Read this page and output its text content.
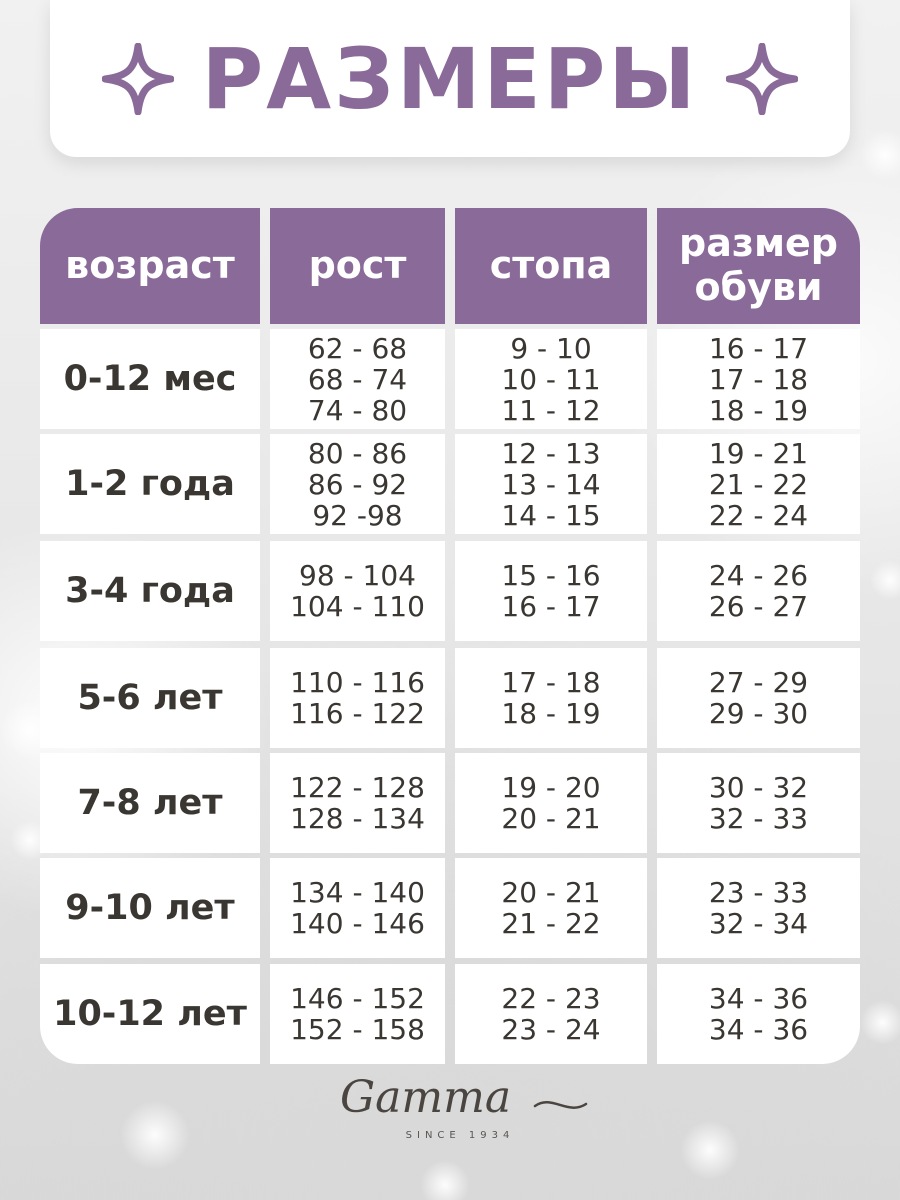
РАЗМЕРЫ
возраст рост стопа размер
обуви
0-12 мес
62 - 68
68 - 74
74 - 80
9 - 10
10 - 11
11 - 12
16 - 17
17 - 18
18 - 19
1-2 года
80 - 86
86 - 92
92 -98
12 - 13
13 - 14
14 - 15
19 - 21
21 - 22
22 - 24
3-4 года 98 - 104
104 - 110
15 - 16
16 - 17
24 - 26
26 - 27
5-6 лет 110 - 116
116 - 122
17 - 18
18 - 19
27 - 29
29 - 30
7-8 лет 122 - 128
128 - 134
19 - 20
20 - 21
30 - 32
32 - 33
9-10 лет 134 - 140
140 - 146
20 - 21
21 - 22
23 - 33
32 - 34
10-12 лет 146 - 152
152 - 158
22 - 23
23 - 24
34 - 36
34 - 36
Gamma
SINCE 1934
